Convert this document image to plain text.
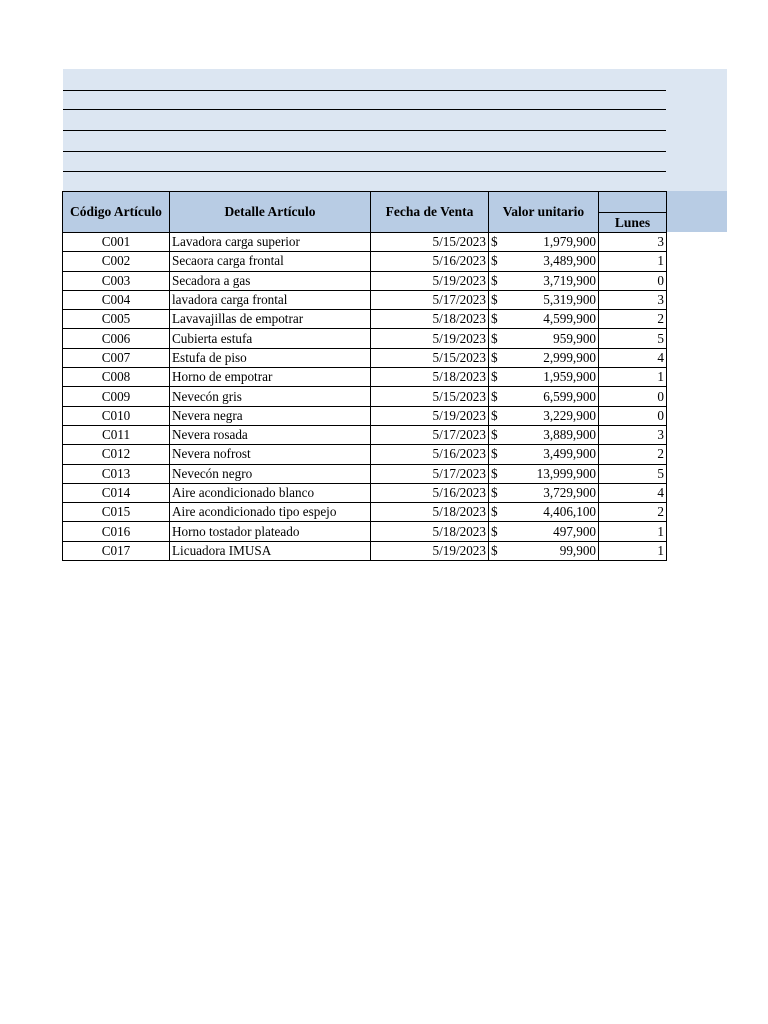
Código Artículo	Detalle Artículo	Fecha de Venta	Valor unitario	Lunes

C001	Lavadora carga superior	5/15/2023	$ 1,979,900	3
C002	Secaora carga frontal	5/16/2023	$ 3,489,900	1
C003	Secadora a gas	5/19/2023	$ 3,719,900	0
C004	lavadora carga frontal	5/17/2023	$ 5,319,900	3
C005	Lavavajillas de empotrar	5/18/2023	$ 4,599,900	2
C006	Cubierta estufa	5/19/2023	$ 959,900	5
C007	Estufa de piso	5/15/2023	$ 2,999,900	4
C008	Horno de empotrar	5/18/2023	$ 1,959,900	1
C009	Nevecón gris	5/15/2023	$ 6,599,900	0
C010	Nevera negra	5/19/2023	$ 3,229,900	0
C011	Nevera rosada	5/17/2023	$ 3,889,900	3
C012	Nevera nofrost	5/16/2023	$ 3,499,900	2
C013	Nevecón negro	5/17/2023	$ 13,999,900	5
C014	Aire acondicionado blanco	5/16/2023	$ 3,729,900	4
C015	Aire acondicionado tipo espejo	5/18/2023	$ 4,406,100	2
C016	Horno tostador plateado	5/18/2023	$ 497,900	1
C017	Licuadora IMUSA	5/19/2023	$ 99,900	1
